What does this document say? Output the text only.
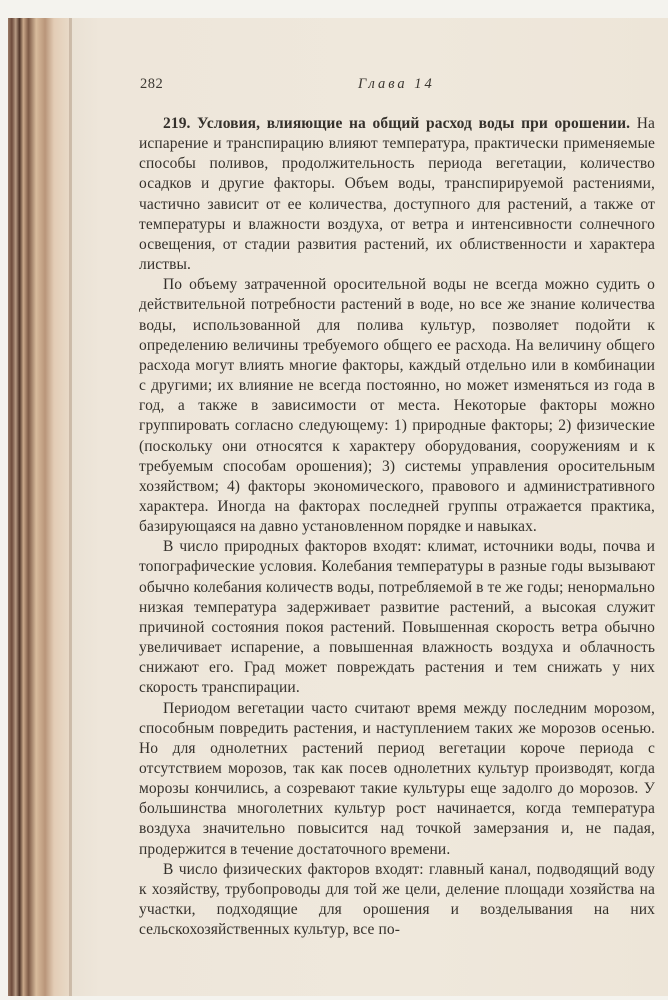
282	Глава 14

219. Условия, влияющие на общий расход воды при орошении. На испарение и транспирацию влияют температура, практически применяемые способы поливов, продолжительность периода вегетации, количество осадков и другие факторы. Объем воды, транспирируемой растениями, частично зависит от ее количества, доступного для растений, а также от температуры и влажности воздуха, от ветра и интенсивности солнечного освещения, от стадии развития растений, их облиственности и характера листвы.

По объему затраченной оросительной воды не всегда можно судить о действительной потребности растений в воде, но все же знание количества воды, использованной для полива культур, позволяет подойти к определению величины требуемого общего ее расхода. На величину общего расхода могут влиять многие факторы, каждый отдельно или в комбинации с другими; их влияние не всегда постоянно, но может изменяться из года в год, а также в зависимости от места. Некоторые факторы можно группировать согласно следующему: 1) природные факторы; 2) физические (поскольку они относятся к характеру оборудования, сооружениям и к требуемым способам орошения); 3) системы управления оросительным хозяйством; 4) факторы экономического, правового и административного характера. Иногда на факторах последней группы отражается практика, базирующаяся на давно установленном порядке и навыках.

В число природных факторов входят: климат, источники воды, почва и топографические условия. Колебания температуры в разные годы вызывают обычно колебания количеств воды, потребляемой в те же годы; ненормально низкая температура задерживает развитие растений, а высокая служит причиной состояния покоя растений. Повышенная скорость ветра обычно увеличивает испарение, а повышенная влажность воздуха и облачность снижают его. Град может повреждать растения и тем снижать у них скорость транспирации.

Периодом вегетации часто считают время между последним морозом, способным повредить растения, и наступлением таких же морозов осенью. Но для однолетних растений период вегетации короче периода с отсутствием морозов, так как посев однолетних культур производят, когда морозы кончились, а созревают такие культуры еще задолго до морозов. У большинства многолетних культур рост начинается, когда температура воздуха значительно повысится над точкой замерзания и, не падая, продержится в течение достаточного времени.

В число физических факторов входят: главный канал, подводящий воду к хозяйству, трубопроводы для той же цели, деление площади хозяйства на участки, подходящие для орошения и возделывания на них сельскохозяйственных культур, все по-
